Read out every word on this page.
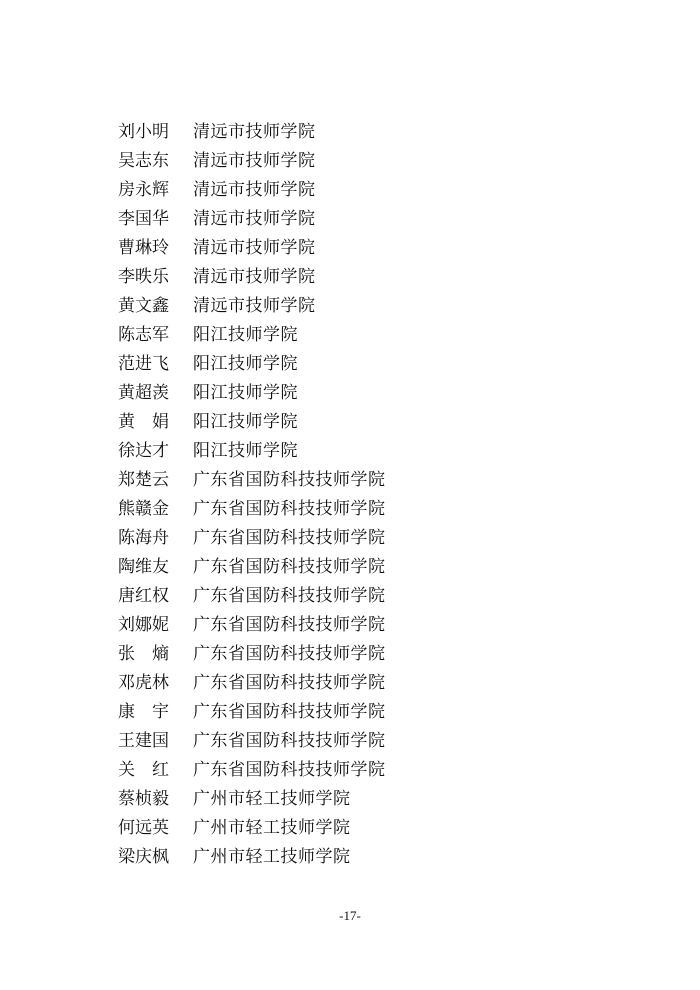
刘小明	清远市技师学院
吴志东	清远市技师学院
房永辉	清远市技师学院
李国华	清远市技师学院
曹琳玲	清远市技师学院
李昳乐	清远市技师学院
黄文鑫	清远市技师学院
陈志军	阳江技师学院
范进飞	阳江技师学院
黄超羡	阳江技师学院
黄　娟	阳江技师学院
徐达才	阳江技师学院
郑楚云	广东省国防科技技师学院
熊赣金	广东省国防科技技师学院
陈海舟	广东省国防科技技师学院
陶维友	广东省国防科技技师学院
唐红权	广东省国防科技技师学院
刘娜妮	广东省国防科技技师学院
张　熵	广东省国防科技技师学院
邓虎林	广东省国防科技技师学院
康　宇	广东省国防科技技师学院
王建国	广东省国防科技技师学院
关　红	广东省国防科技技师学院
蔡桢毅	广州市轻工技师学院
何远英	广州市轻工技师学院
梁庆枫	广州市轻工技师学院
-17-
